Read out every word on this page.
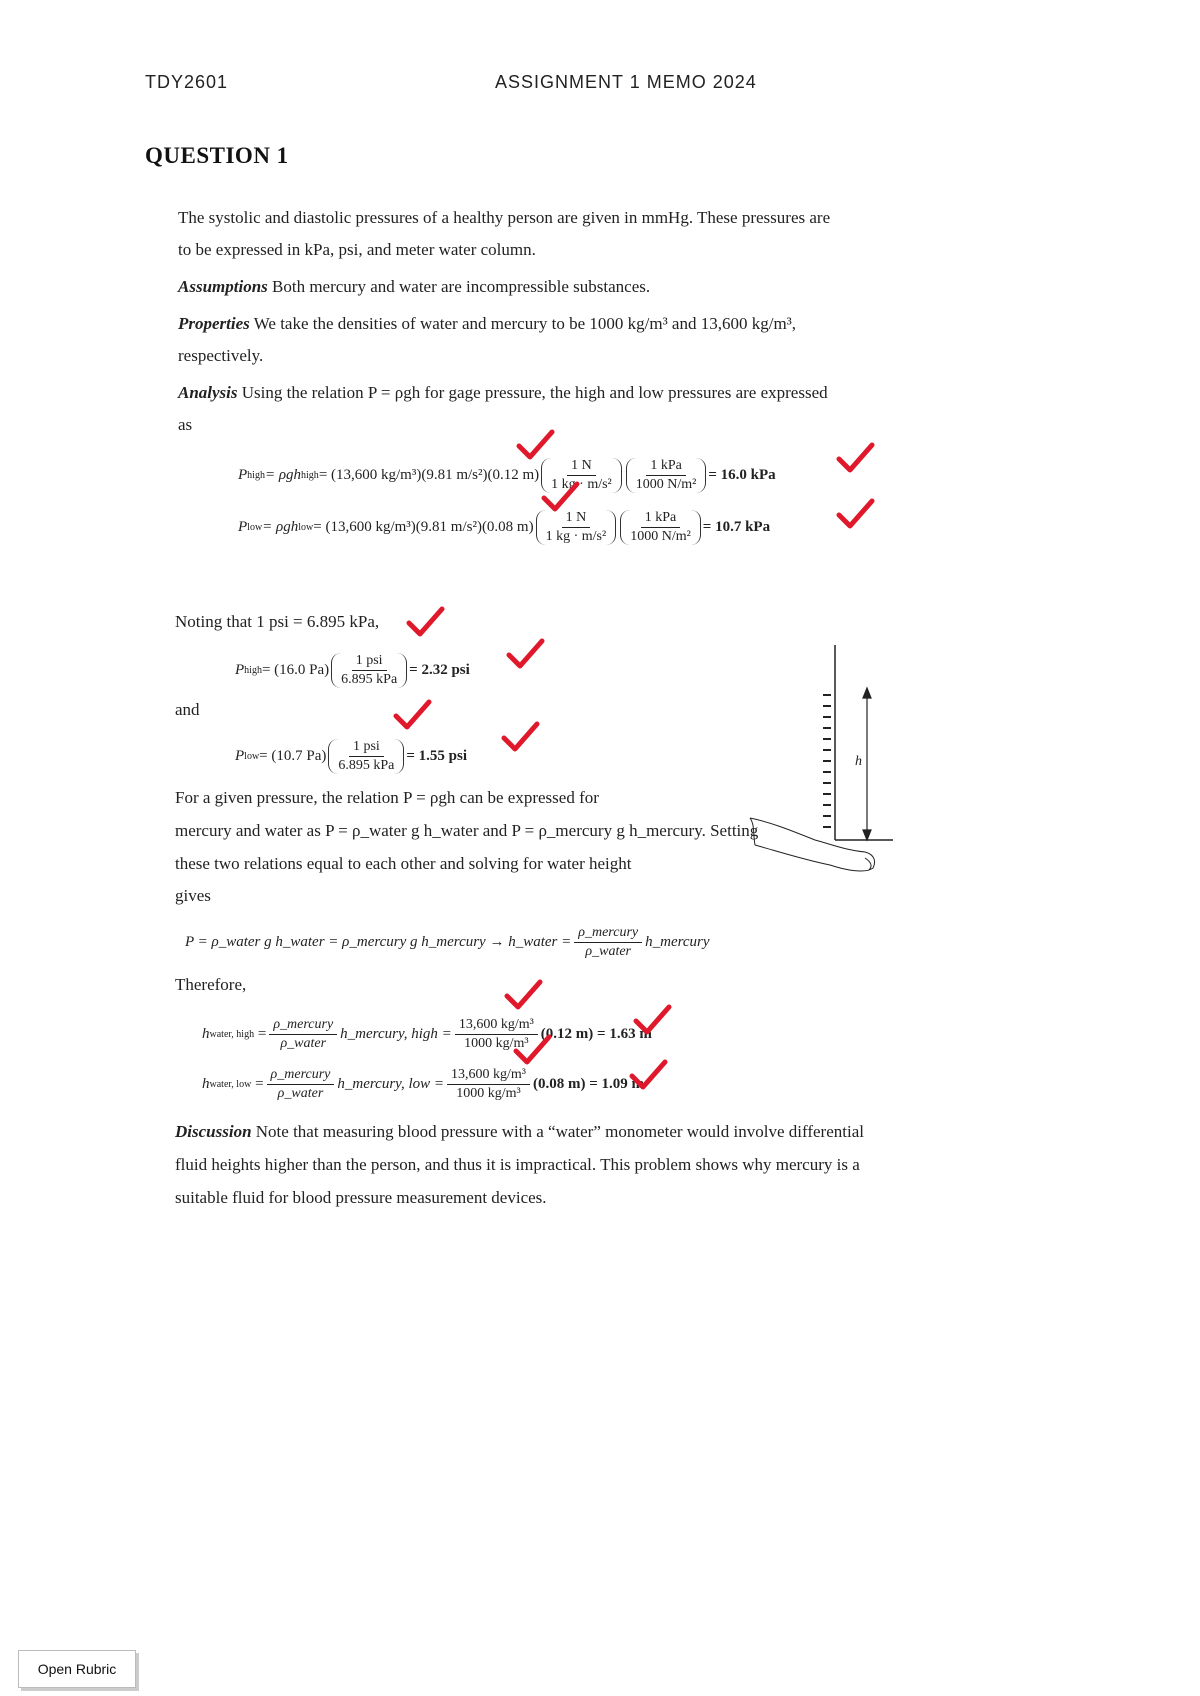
TDY2601	ASSIGNMENT 1 MEMO 2024
QUESTION 1
The systolic and diastolic pressures of a healthy person are given in mmHg. These pressures are
to be expressed in kPa, psi, and meter water column.
Assumptions Both mercury and water are incompressible substances.
Properties We take the densities of water and mercury to be 1000 kg/m³ and 13,600 kg/m³,
respectively.
Analysis Using the relation P = ρgh for gage pressure, the high and low pressures are expressed
as
P high = ρgh high = (13,600 kg/m³)(9.81 m/s²)(0.12 $m) \frac{1 N}{\text{1 kg · m/s²}} \frac{\text{1 kPa}}{\text{1000 N/m²}} = 16.0$ kPa
P low = ρgh low = (13,600 kg/m³)(9.81 m/s²)(0.08 $m) \frac{1 N}{\text{1 kg · m/s²}} \frac{\text{1 kPa}}{\text{1000 N/m²}} = 10.7$ kPa
Noting that 1 psi = 6.895 kPa,
P high = (16.0 $Pa) \frac{\text{1 psi}}{\text{6.895 kPa}} = 2.32$ psi
and
P low = (10.7 $Pa) \frac{\text{1 psi}}{\text{6.895 kPa}} = 1.55$ psi
For a given pressure, the relation P = ρgh can be expressed for
mercury and water as P = ρ_water g h_water and P = ρ_mercury g h_mercury. Setting
these two relations equal to each other and solving for water height
gives
P = ρ_water g h_water = ρ_mercury g h_mercury → h_water = $\frac{\text{ρ\_mercury}}{\text{ρ\_water}}$ h_mercury
Therefore,
h water, high = $\frac{\text{ρ\_mercury}}{\text{ρ\_water}}$ h_mercury, high = $\frac{\text{13,600 kg/m³}}{\text{1000 kg/m³}} (0.12$ m) = 1.63 m
h water, low = $\frac{\text{ρ\_mercury}}{\text{ρ\_water}}$ h_mercury, low = $\frac{\text{13,600 kg/m³}}{\text{1000 kg/m³}} (0.08$ m) = 1.09 m
Discussion Note that measuring blood pressure with a “water” monometer would involve differential
fluid heights higher than the person, and thus it is impractical. This problem shows why mercury is a
suitable fluid for blood pressure measurement devices.
h
Open Rubric
